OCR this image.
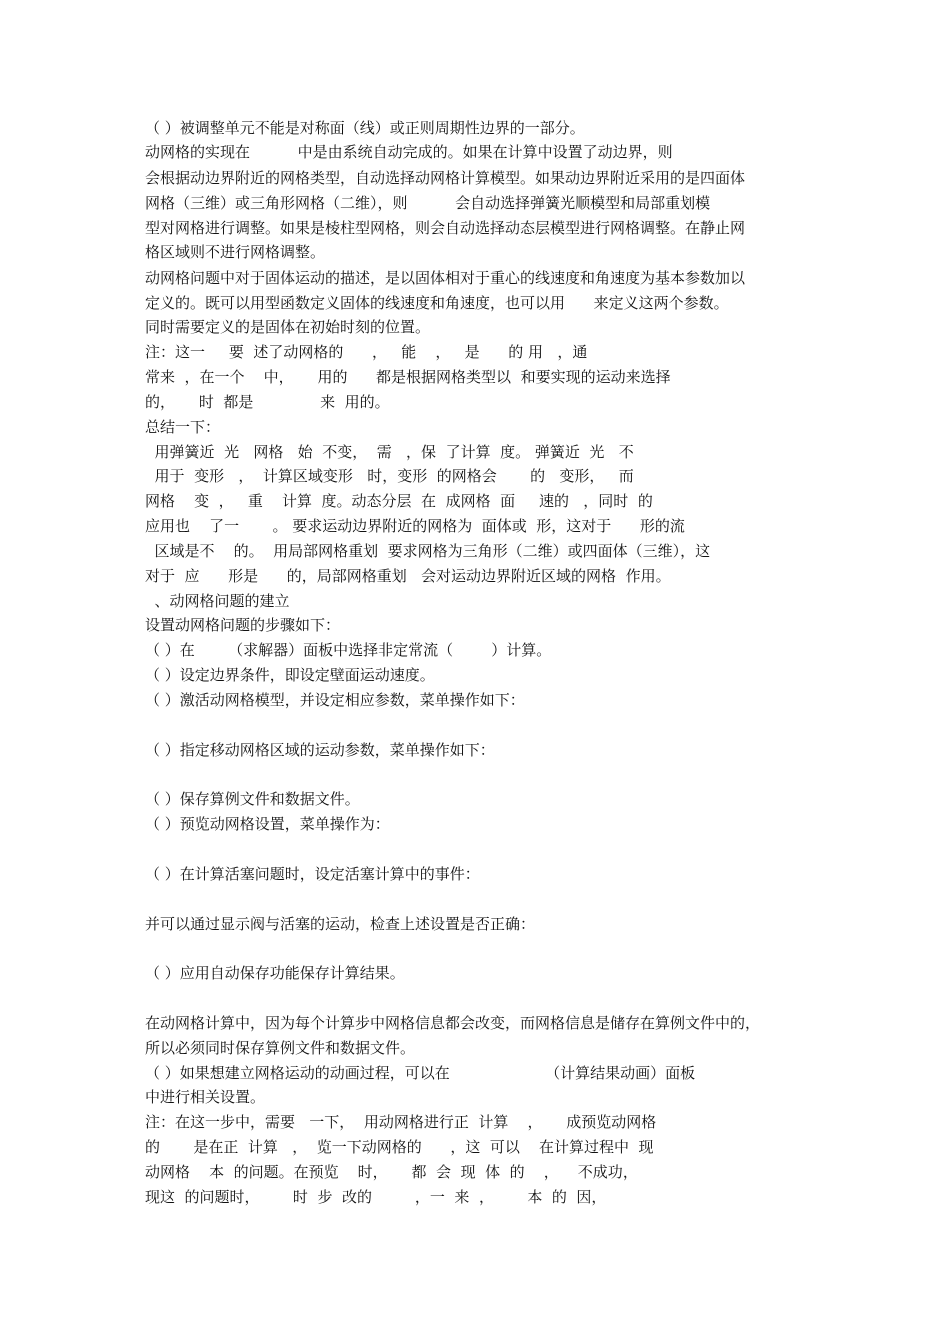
（ ）被调整单元不能是对称面（线）或正则周期性边界的一部分。
动网格的实现在          中是由系统自动完成的。如果在计算中设置了动边界，则
会根据动边界附近的网格类型，自动选择动网格计算模型。如果动边界附近采用的是四面体
网格（三维）或三角形网格（二维），则          会自动选择弹簧光顺模型和局部重划模
型对网格进行调整。如果是棱柱型网格，则会自动选择动态层模型进行网格调整。在静止网
格区域则不进行网格调整。
动网格问题中对于固体运动的描述，是以固体相对于重心的线速度和角速度为基本参数加以
定义的。既可以用型函数定义固体的线速度和角速度，也可以用      来定义这两个参数。
同时需要定义的是固体在初始时刻的位置。
注：这一     要  述了动网格的      ，   能    ，   是      的 用   ，通
常来  ，在一个    中，     用的      都是根据网格类型以  和要实现的运动来选择
的，     时  都是              来  用的。
总结一下：
用弹簧近  光   网格   始  不变，  需   ，保  了计算  度。 弹簧近  光   不
用于  变形   ，  计算区域变形   时，变形  的网格会       的   变形，   而
网格    变  ，   重    计算  度。动态分层  在  成网格  面     速的   ，同时  的
应用也    了一       。 要求运动边界附近的网格为  面体或  形，这对于      形的流
区域是不    的。  用局部网格重划  要求网格为三角形（二维）或四面体（三维），这
对于  应      形是      的，局部网格重划   会对运动边界附近区域的网格  作用。
、动网格问题的建立
设置动网格问题的步骤如下：
（ ）在       （求解器）面板中选择非定常流（        ）计算。
（ ）设定边界条件，即设定壁面运动速度。
（ ）激活动网格模型，并设定相应参数，菜单操作如下：
（ ）指定移动网格区域的运动参数，菜单操作如下：
（ ）保存算例文件和数据文件。
（ ）预览动网格设置，菜单操作为：
（ ）在计算活塞问题时，设定活塞计算中的事件：
并可以通过显示阀与活塞的运动，检查上述设置是否正确：
（ ）应用自动保存功能保存计算结果。
在动网格计算中，因为每个计算步中网格信息都会改变，而网格信息是储存在算例文件中的，
所以必须同时保存算例文件和数据文件。
（ ）如果想建立网格运动的动画过程，可以在                    （计算结果动画）面板
中进行相关设置。
注：在这一步中，需要   一下，  用动网格进行正  计算    ，     成预览动网格
的       是在正  计算   ，  览一下动网格的      ，这  可以    在计算过程中  现
动网格    本  的问题。在预览    时，     都  会  现  体  的    ，    不成功，
现这  的问题时，       时  步  改的         ，一  来  ，       本  的  因，
